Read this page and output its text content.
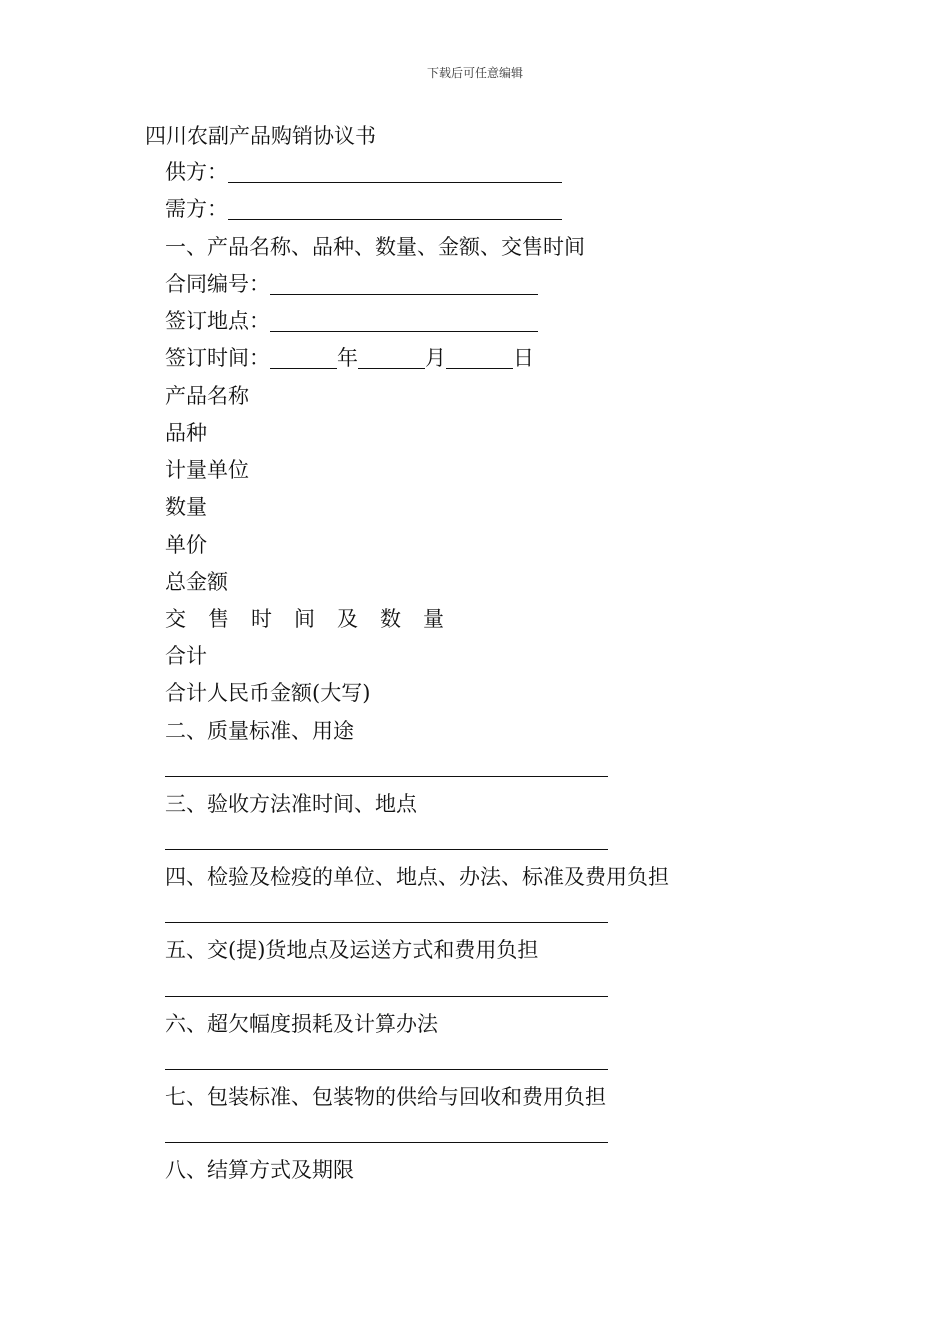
下载后可任意编辑
四川农副产品购销协议书
供方：
需方：
一、产品名称、品种、数量、金额、交售时间
合同编号：
签订地点：
签订时间：	年	月	日
产品名称
品种
计量单位
数量
单价
总金额
交 售 时 间 及 数 量
合计
合计人民币金额(大写)
二、质量标准、用途
三、验收方法准时间、地点
四、检验及检疫的单位、地点、办法、标准及费用负担
五、交(提)货地点及运送方式和费用负担
六、超欠幅度损耗及计算办法
七、包装标准、包装物的供给与回收和费用负担
八、结算方式及期限
